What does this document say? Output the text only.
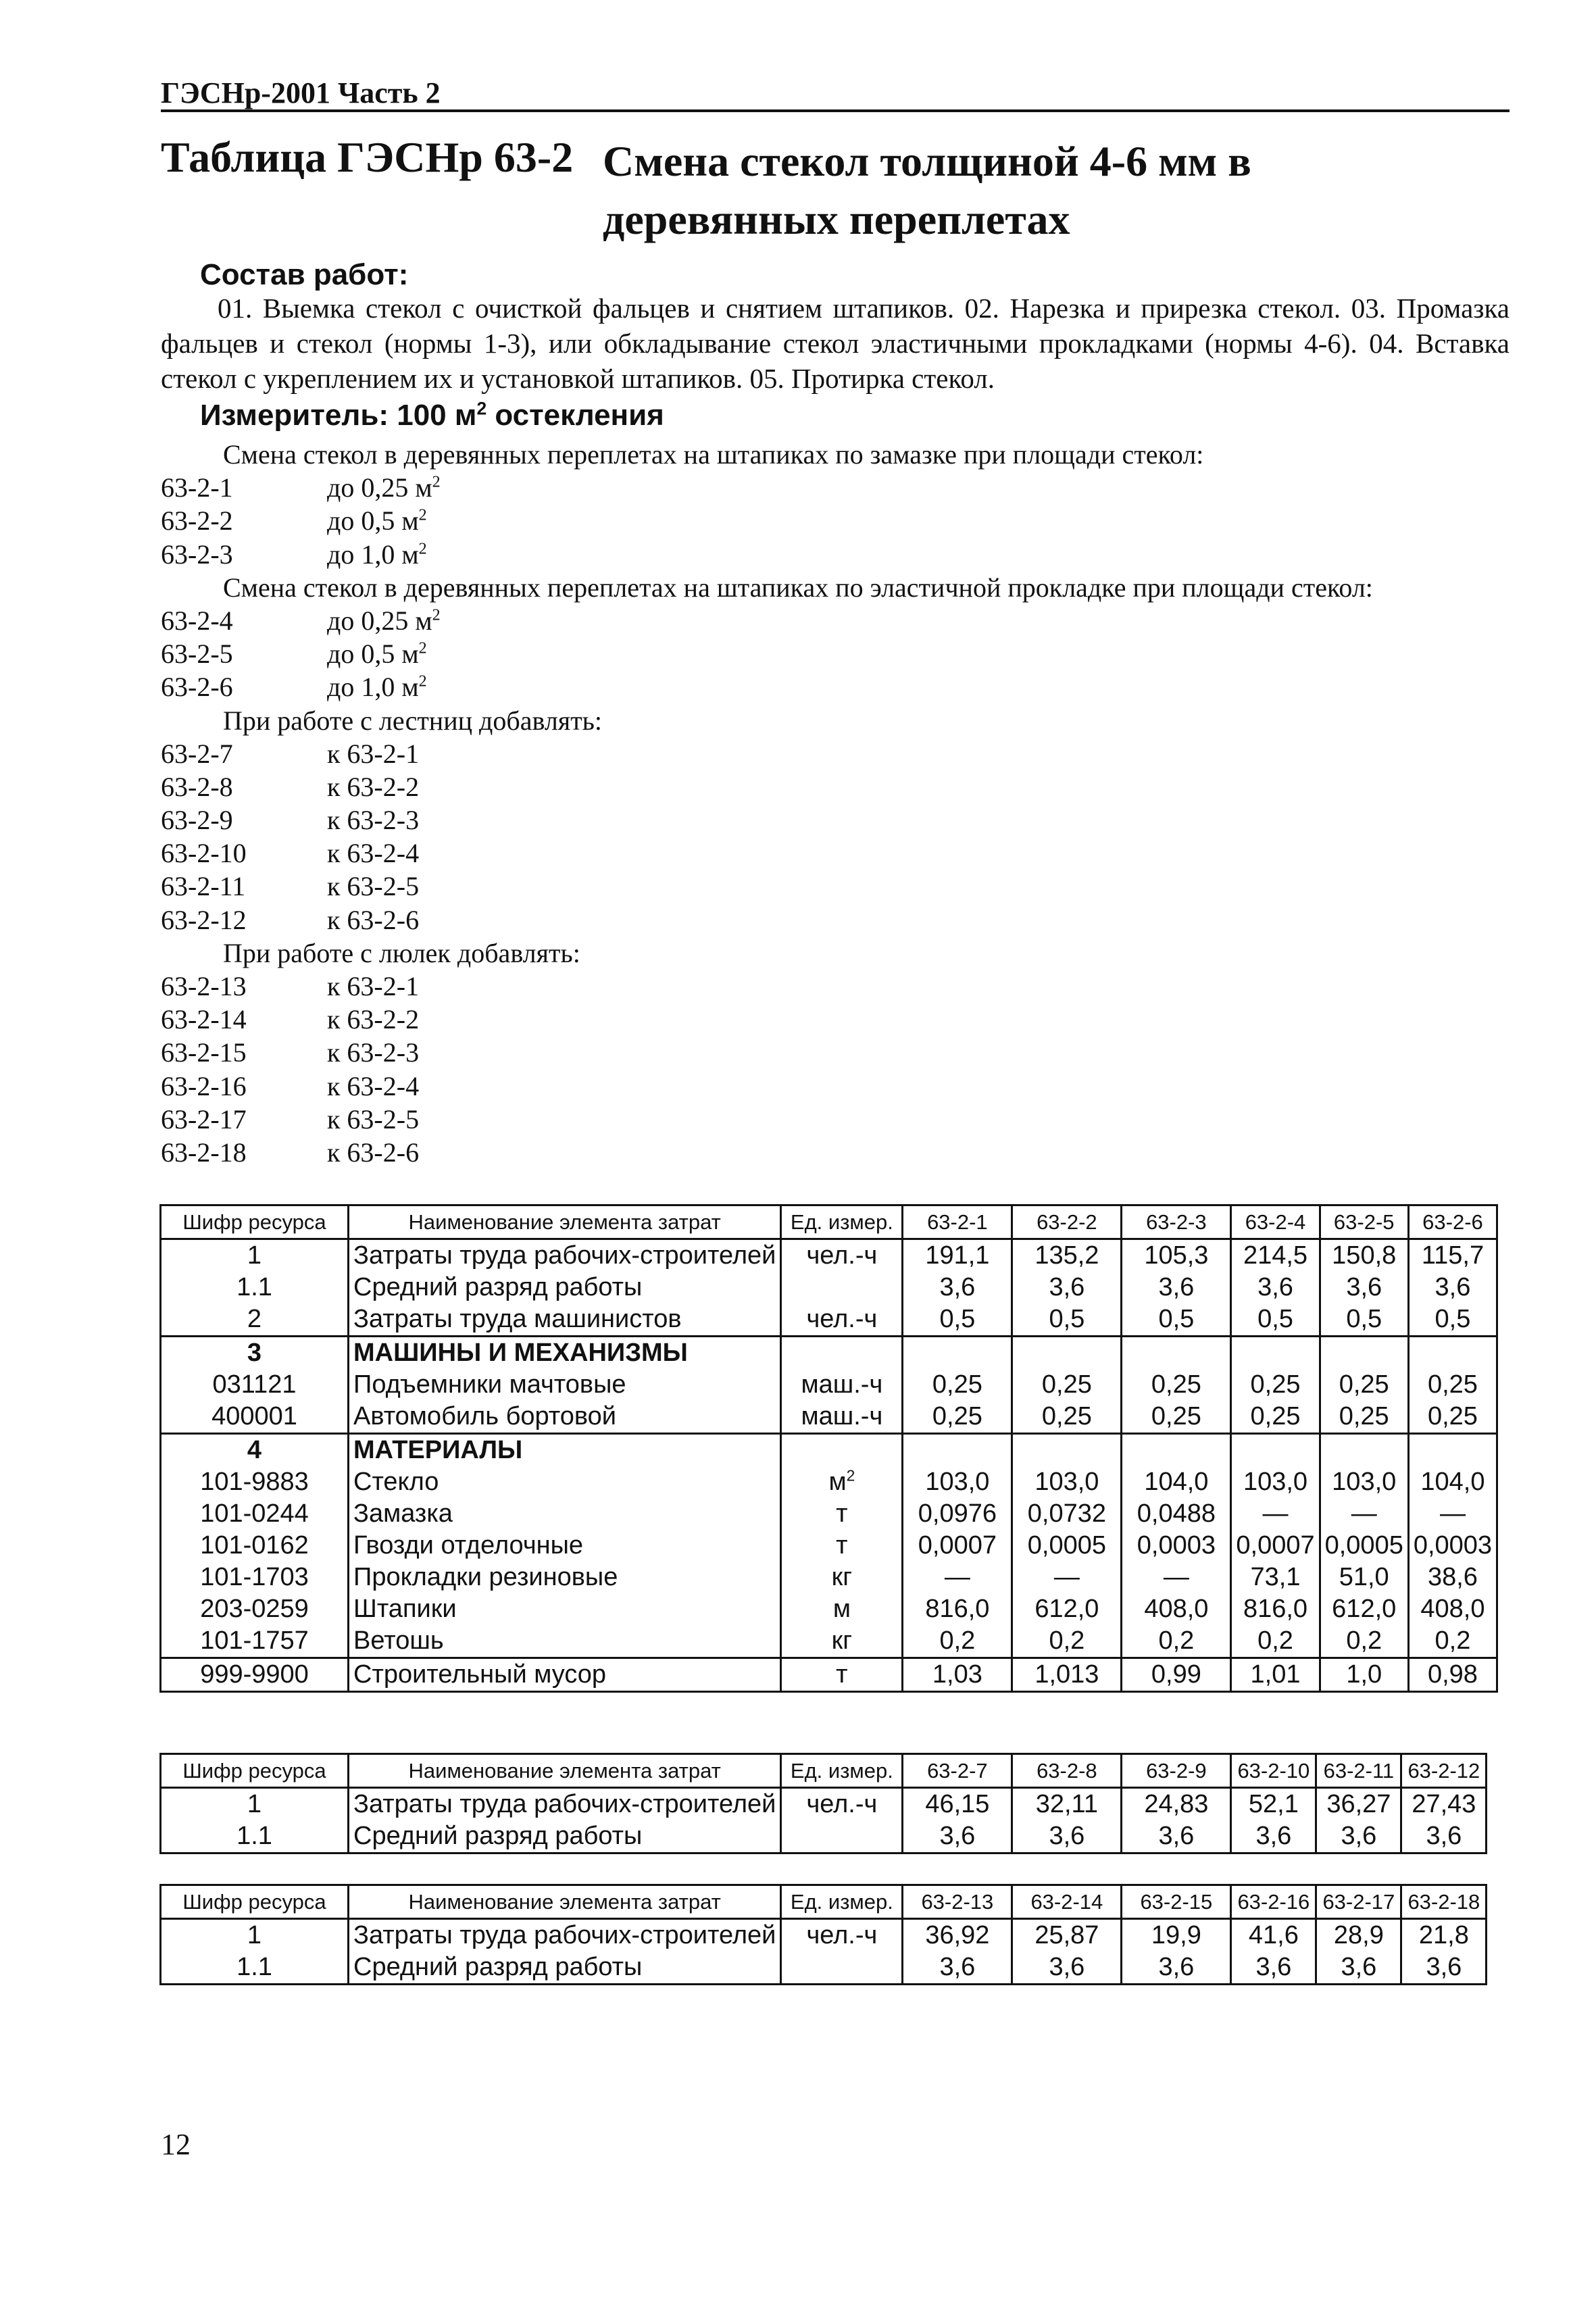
ГЭСНр-2001 Часть 2
Таблица ГЭСНр 63-2 Смена стекол толщиной 4-6 мм в деревянных переплетах
Состав работ:
01. Выемка стекол с очисткой фальцев и снятием штапиков. 02. Нарезка и прирезка стекол. 03. Промазка фальцев и стекол (нормы 1-3), или обкладывание стекол эластичными прокладками (нормы 4-6). 04. Вставка стекол с укреплением их и установкой штапиков. 05. Протирка стекол.
Измеритель: 100 $м^2$ остекления
Смена стекол в деревянных переплетах на штапиках по замазке при площади стекол:
63-2-1	до 0,25 $м^2$
63-2-2	до 0,5 $м^2$
63-2-3	до 1,0 $м^2$
Смена стекол в деревянных переплетах на штапиках по эластичной прокладке при площади стекол:
63-2-4	до 0,25 $м^2$
63-2-5	до 0,5 $м^2$
63-2-6	до 1,0 $м^2$
При работе с лестниц добавлять:
63-2-7	к 63-2-1
63-2-8	к 63-2-2
63-2-9	к 63-2-3
63-2-10	к 63-2-4
63-2-11	к 63-2-5
63-2-12	к 63-2-6
При работе с люлек добавлять:
63-2-13	к 63-2-1
63-2-14	к 63-2-2
63-2-15	к 63-2-3
63-2-16	к 63-2-4
63-2-17	к 63-2-5
63-2-18	к 63-2-6
Шифр ресурса	Наименование элемента затрат	Ед. измер.	63-2-1	63-2-2	63-2-3	63-2-4	63-2-5	63-2-6
1	Затраты труда рабочих-строителей	чел.-ч	191,1	135,2	105,3	214,5	150,8	115,7
1.1	Средний разряд работы		3,6	3,6	3,6	3,6	3,6	3,6
2	Затраты труда машинистов	чел.-ч	0,5	0,5	0,5	0,5	0,5	0,5
3	МАШИНЫ И МЕХАНИЗМЫ							
031121	Подъемники мачтовые	маш.-ч	0,25	0,25	0,25	0,25	0,25	0,25
400001	Автомобиль бортовой	маш.-ч	0,25	0,25	0,25	0,25	0,25	0,25
4	МАТЕРИАЛЫ							
101-9883	Стекло	$м^2$	103,0	103,0	104,0	103,0	103,0	104,0
101-0244	Замазка	т	0,0976	0,0732	0,0488	—	—	—
101-0162	Гвозди отделочные	т	0,0007	0,0005	0,0003	0,0007	0,0005	0,0003
101-1703	Прокладки резиновые	кг	—	—	—	73,1	51,0	38,6
203-0259	Штапики	м	816,0	612,0	408,0	816,0	612,0	408,0
101-1757	Ветошь	кг	0,2	0,2	0,2	0,2	0,2	0,2
999-9900	Строительный мусор	т	1,03	1,013	0,99	1,01	1,0	0,98
Шифр ресурса	Наименование элемента затрат	Ед. измер.	63-2-7	63-2-8	63-2-9	63-2-10	63-2-11	63-2-12
1	Затраты труда рабочих-строителей	чел.-ч	46,15	32,11	24,83	52,1	36,27	27,43
1.1	Средний разряд работы		3,6	3,6	3,6	3,6	3,6	3,6
Шифр ресурса	Наименование элемента затрат	Ед. измер.	63-2-13	63-2-14	63-2-15	63-2-16	63-2-17	63-2-18
1	Затраты труда рабочих-строителей	чел.-ч	36,92	25,87	19,9	41,6	28,9	21,8
1.1	Средний разряд работы		3,6	3,6	3,6	3,6	3,6	3,6
12
